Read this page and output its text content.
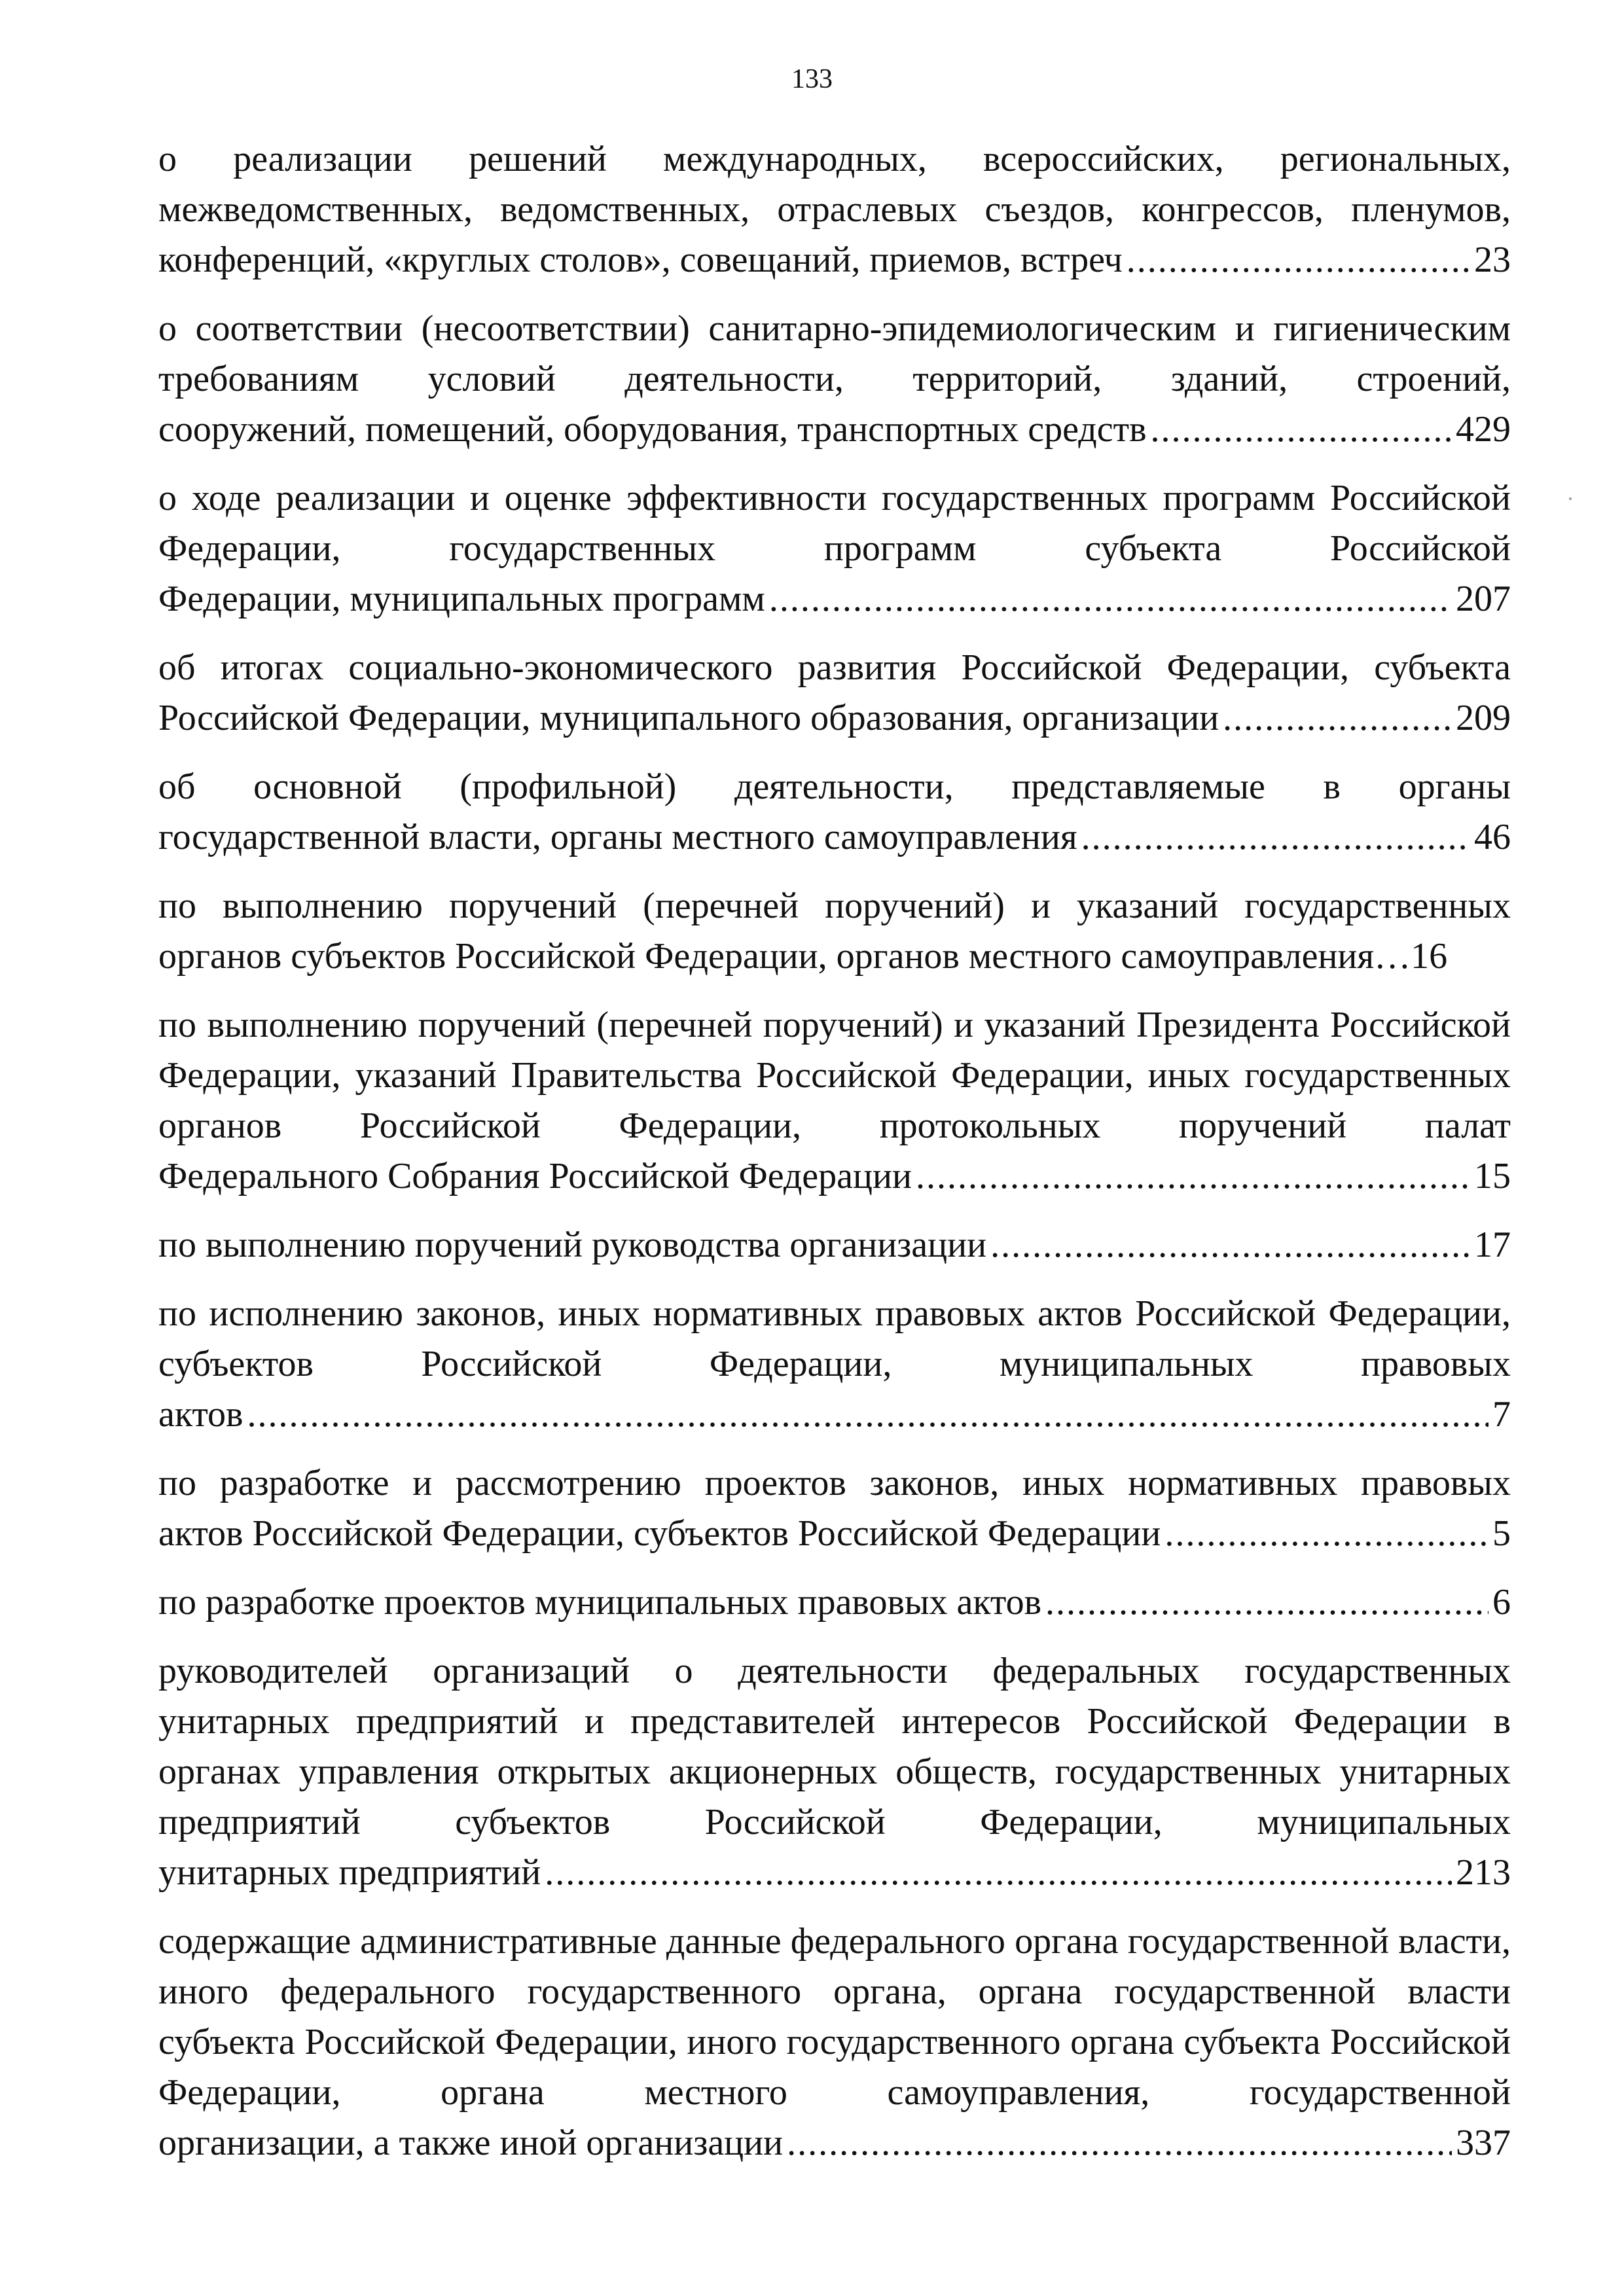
133
о реализации решений международных, всероссийских, региональных, межведомственных, ведомственных, отраслевых съездов, конгрессов, пленумов,
конференций, «круглых столов», совещаний, приемов, встреч .....	23
о соответствии (несоответствии) санитарно-эпидемиологическим и гигиеническим требованиям условий деятельности, территорий, зданий, строений,
сооружений, помещений, оборудования, транспортных средств .....	429
о ходе реализации и оценке эффективности государственных программ Российской Федерации, государственных программ субъекта Российской
Федерации, муниципальных программ .....	207
об итогах социально-экономического развития Российской Федерации, субъекта
Российской Федерации, муниципального образования, организации .....	209
об основной (профильной) деятельности, представляемые в органы
государственной власти, органы местного самоуправления .....	46
по выполнению поручений (перечней поручений) и указаний государственных
органов субъектов Российской Федерации, органов местного самоуправления… 16
по выполнению поручений (перечней поручений) и указаний Президента Российской Федерации, указаний Правительства Российской Федерации, иных государственных органов Российской Федерации, протокольных поручений палат
Федерального Собрания Российской Федерации .....	15
по выполнению поручений руководства организации .....	17
по исполнению законов, иных нормативных правовых актов Российской Федерации, субъектов Российской Федерации, муниципальных правовых
актов .....	7
по разработке и рассмотрению проектов законов, иных нормативных правовых
актов Российской Федерации, субъектов Российской Федерации .....	5
по разработке проектов муниципальных правовых актов .....	6
руководителей организаций о деятельности федеральных государственных унитарных предприятий и представителей интересов Российской Федерации в органах управления открытых акционерных обществ, государственных унитарных предприятий субъектов Российской Федерации, муниципальных
унитарных предприятий .....	213
содержащие административные данные федерального органа государственной власти, иного федерального государственного органа, органа государственной власти субъекта Российской Федерации, иного государственного органа субъекта Российской Федерации, органа местного самоуправления, государственной
организации, а также иной организации .....	337
